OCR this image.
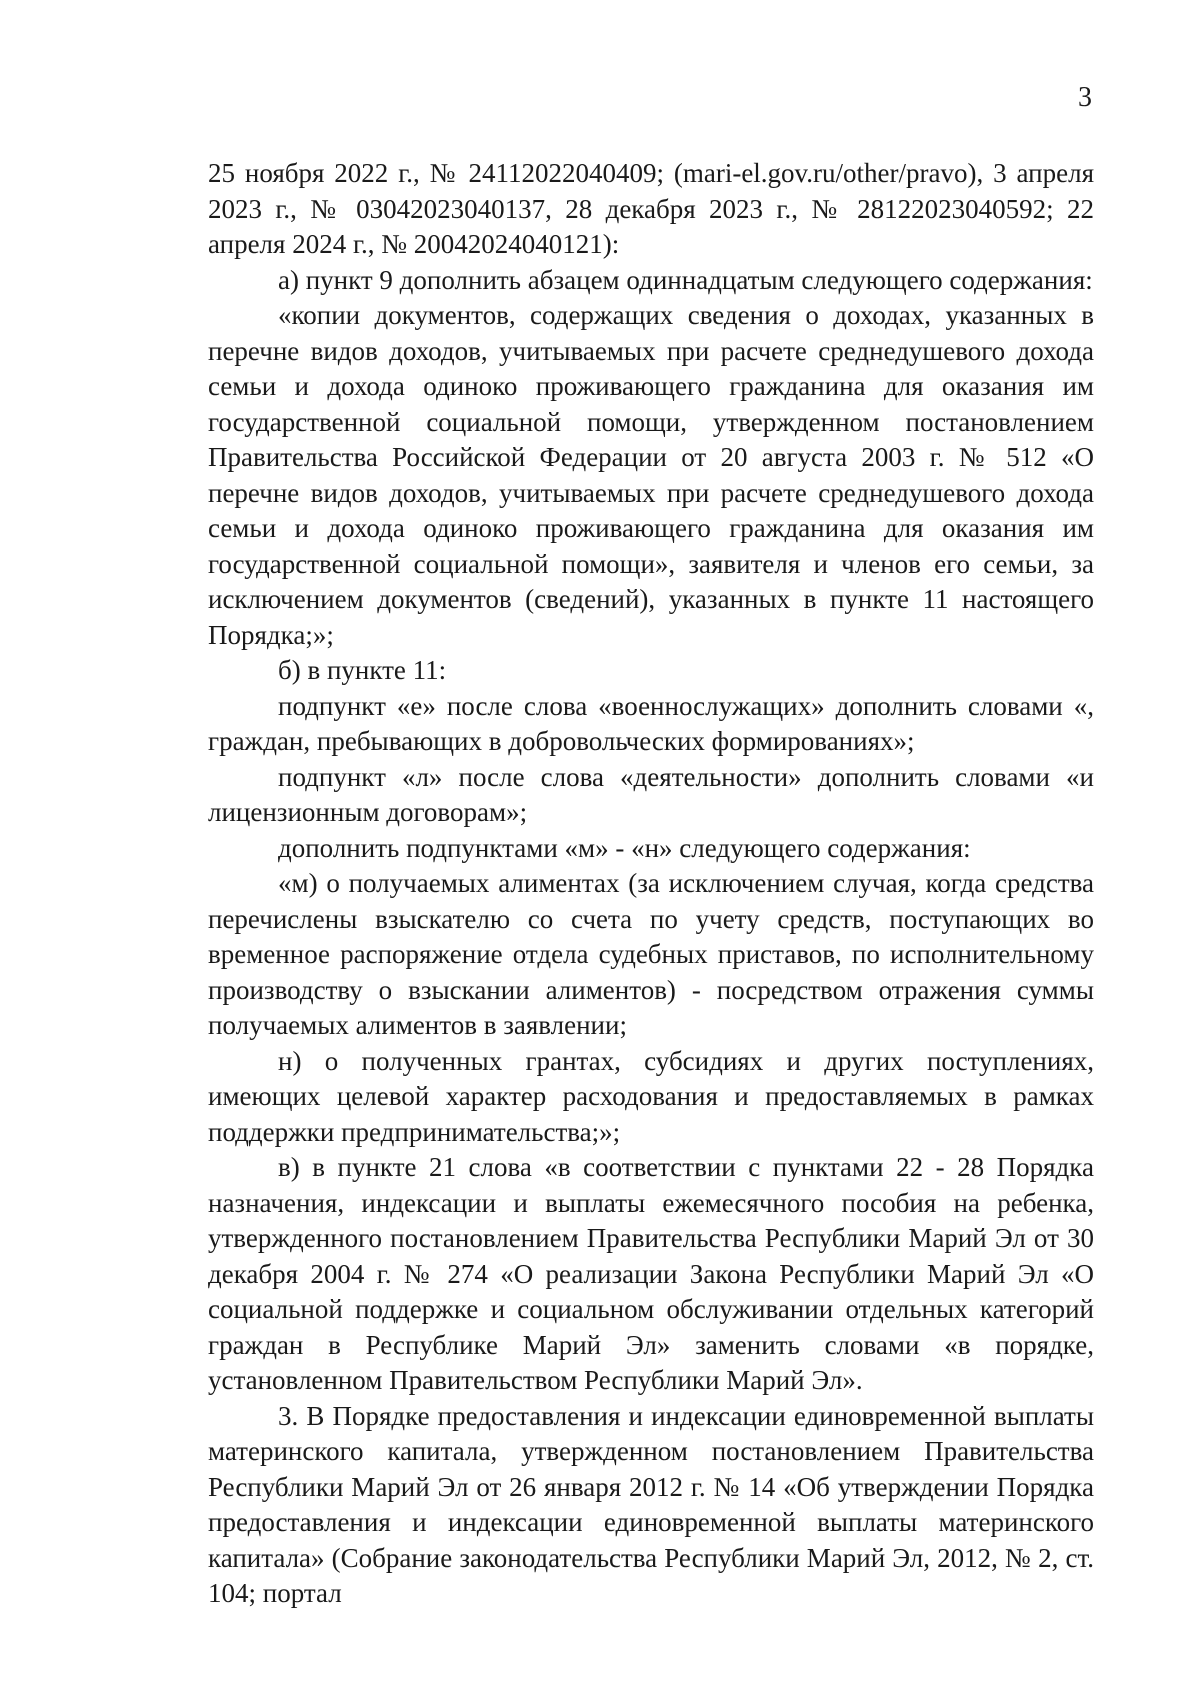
3

25 ноября 2022 г., № 24112022040409; (mari-el.gov.ru/other/pravo), 3 апреля 2023 г., № 03042023040137, 28 декабря 2023 г., № 28122023040592; 22 апреля 2024 г., № 20042024040121):

а) пункт 9 дополнить абзацем одиннадцатым следующего содержания:

«копии документов, содержащих сведения о доходах, указанных в перечне видов доходов, учитываемых при расчете среднедушевого дохода семьи и дохода одиноко проживающего гражданина для оказания им государственной социальной помощи, утвержденном постановлением Правительства Российской Федерации от 20 августа 2003 г. № 512 «О перечне видов доходов, учитываемых при расчете среднедушевого дохода семьи и дохода одиноко проживающего гражданина для оказания им государственной социальной помощи», заявителя и членов его семьи, за исключением документов (сведений), указанных в пункте 11 настоящего Порядка;»;

б) в пункте 11:

подпункт «е» после слова «военнослужащих» дополнить словами «, граждан, пребывающих в добровольческих формированиях»;

подпункт «л» после слова «деятельности» дополнить словами «и лицензионным договорам»;

дополнить подпунктами «м» - «н» следующего содержания:

«м) о получаемых алиментах (за исключением случая, когда средства перечислены взыскателю со счета по учету средств, поступающих во временное распоряжение отдела судебных приставов, по исполнительному производству о взыскании алиментов) - посредством отражения суммы получаемых алиментов в заявлении;

н) о полученных грантах, субсидиях и других поступлениях, имеющих целевой характер расходования и предоставляемых в рамках поддержки предпринимательства;»;

в) в пункте 21 слова «в соответствии с пунктами 22 - 28 Порядка назначения, индексации и выплаты ежемесячного пособия на ребенка, утвержденного постановлением Правительства Республики Марий Эл от 30 декабря 2004 г. № 274 «О реализации Закона Республики Марий Эл «О социальной поддержке и социальном обслуживании отдельных категорий граждан в Республике Марий Эл» заменить словами «в порядке, установленном Правительством Республики Марий Эл».

3. В Порядке предоставления и индексации единовременной выплаты материнского капитала, утвержденном постановлением Правительства Республики Марий Эл от 26 января 2012 г. № 14 «Об утверждении Порядка предоставления и индексации единовременной выплаты материнского капитала» (Собрание законодательства Республики Марий Эл, 2012, № 2, ст. 104; портал
